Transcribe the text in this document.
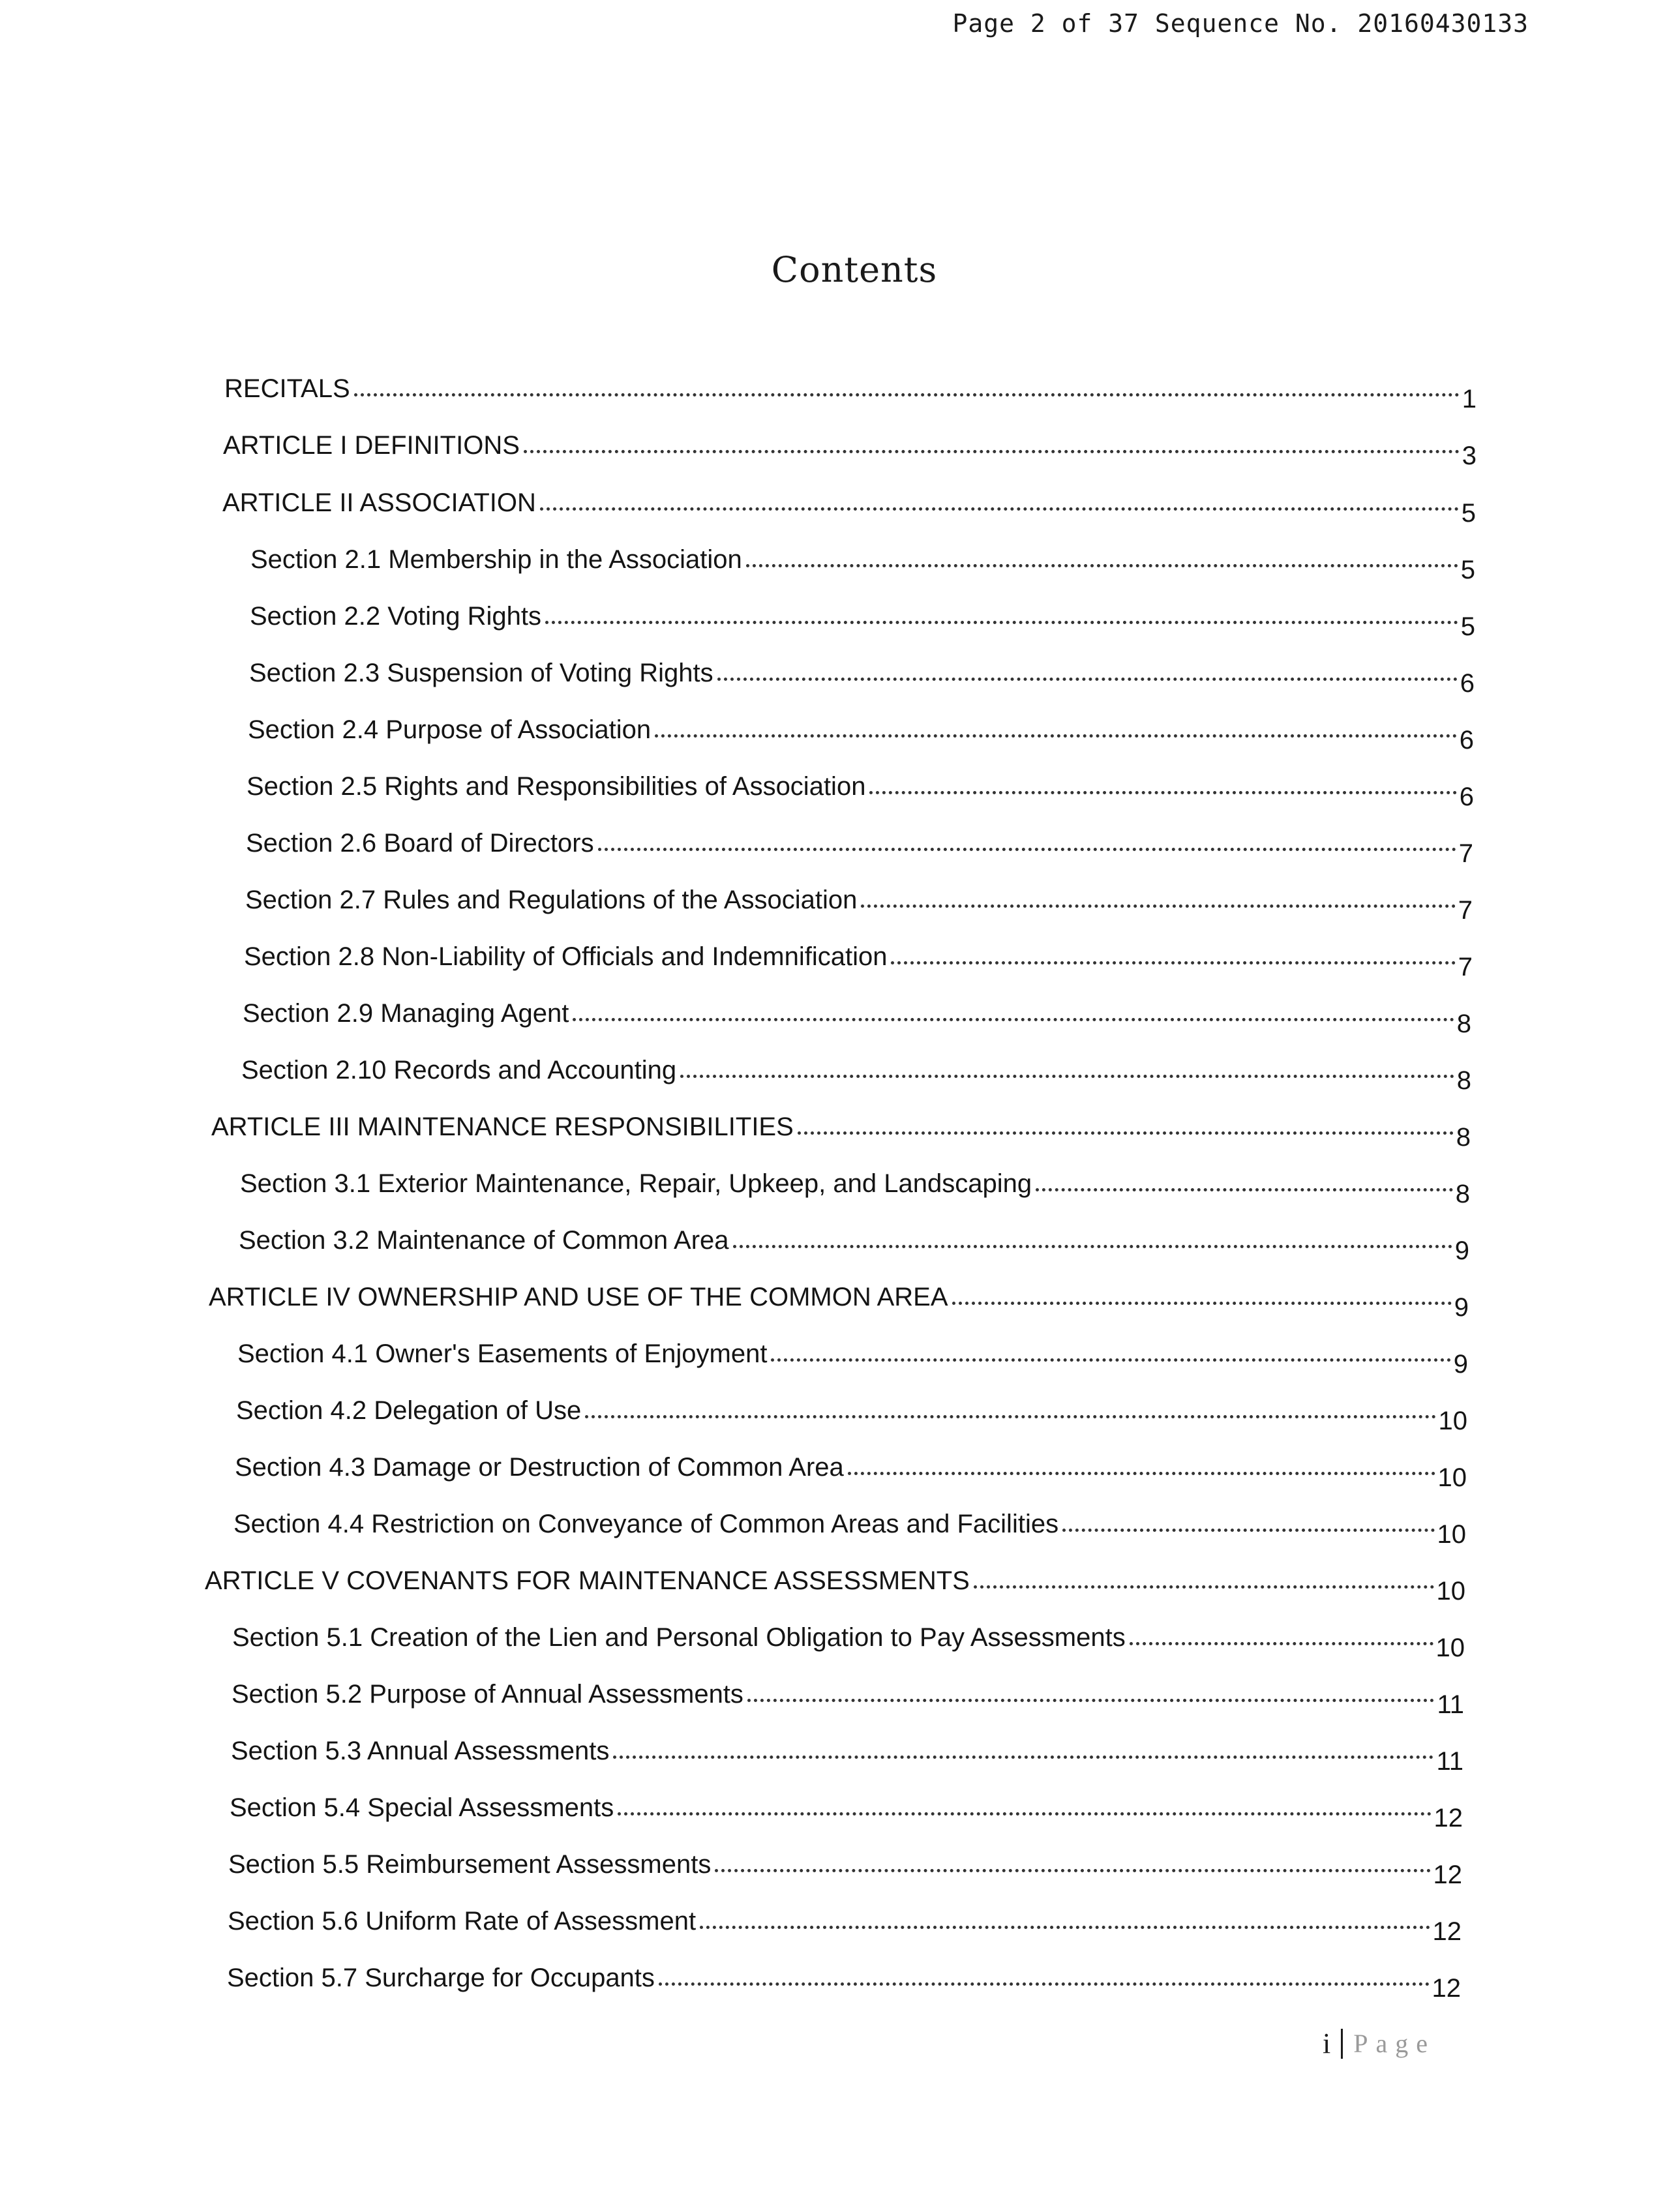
Page 2 of 37 Sequence No. 20160430133
Contents
RECITALS	1
ARTICLE I DEFINITIONS	3
ARTICLE II ASSOCIATION	5
Section 2.1 Membership in the Association	5
Section 2.2 Voting Rights	5
Section 2.3 Suspension of Voting Rights	6
Section 2.4 Purpose of Association	6
Section 2.5 Rights and Responsibilities of Association	6
Section 2.6 Board of Directors	7
Section 2.7 Rules and Regulations of the Association	7
Section 2.8 Non-Liability of Officials and Indemnification	7
Section 2.9 Managing Agent	8
Section 2.10 Records and Accounting	8
ARTICLE III MAINTENANCE RESPONSIBILITIES	8
Section 3.1 Exterior Maintenance, Repair, Upkeep, and Landscaping	8
Section 3.2 Maintenance of Common Area	9
ARTICLE IV OWNERSHIP AND USE OF THE COMMON AREA	9
Section 4.1 Owner's Easements of Enjoyment	9
Section 4.2 Delegation of Use	10
Section 4.3 Damage or Destruction of Common Area	10
Section 4.4 Restriction on Conveyance of Common Areas and Facilities	10
ARTICLE V COVENANTS FOR MAINTENANCE ASSESSMENTS	10
Section 5.1 Creation of the Lien and Personal Obligation to Pay Assessments	10
Section 5.2 Purpose of Annual Assessments	11
Section 5.3 Annual Assessments	11
Section 5.4 Special Assessments	12
Section 5.5 Reimbursement Assessments	12
Section 5.6 Uniform Rate of Assessment	12
Section 5.7 Surcharge for Occupants	12
i Page
